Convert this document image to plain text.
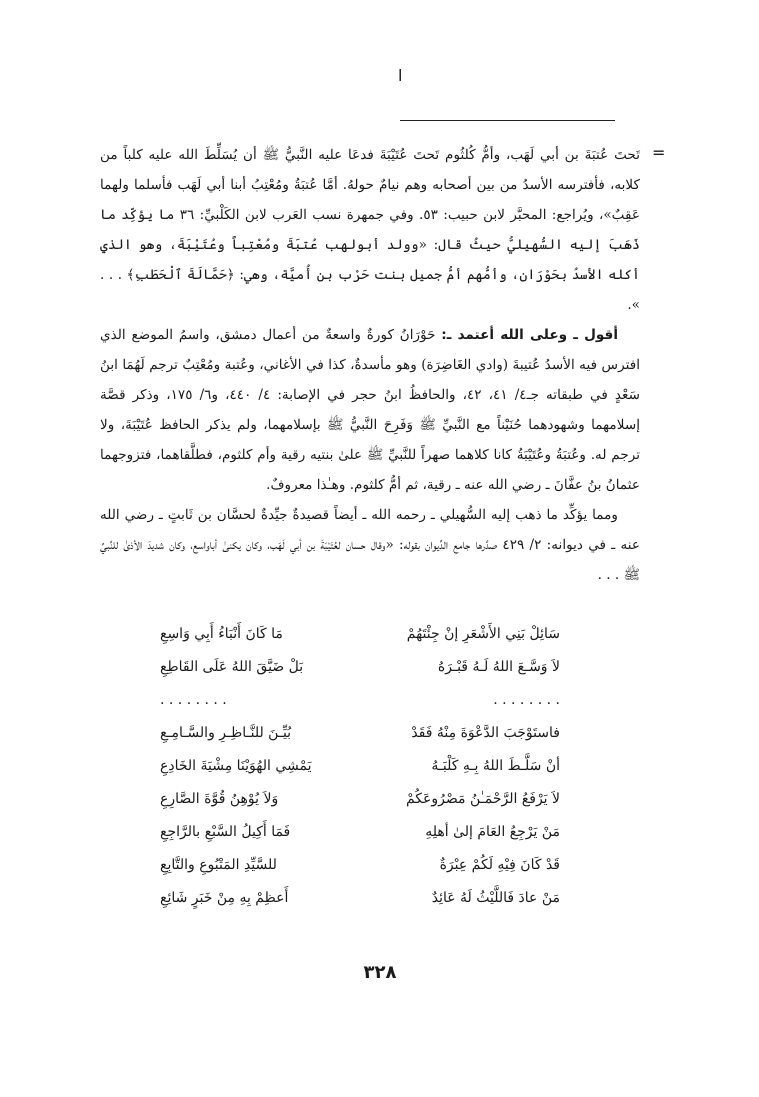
ا
=

تَحتَ عُتبَةَ بن أبي لَهَب، وأمُّ كُلثُوم تَحتَ عُتَيْبَةَ فدعَا عليه النَّبيُّ ﷺ أن يُسَلِّطَ الله عليه كلباً من كلابه، فأفترسه الأسدُ من بين أصحابه وهم نيامٌ حولهُ. أمَّا عُتبَةُ ومُعْتِبُ أبنا أبي لَهَب فأسلما ولهما عَقِبٌ»، ويُراجع: المحبَّر لابن حبيب: ٥٣. وفي جمهرة نسب العَرب لابن الكَلْبيِّ: ٣٦ ما يؤكِّد ما ذَهَبَ إليه السُّهيليُّ حيثُ قال: «وولد أبولهب عُتبَةَ ومُعْتِباً وعُتَيْبَةَ، وهو الذي أكله الأسدُ بحَوْرَان، وأمُّهم أمُّ جميل بنت حَرْب بن أُميَّة، وهي: ﴿حَمَّالَةَ ٱلْحَطَبِ﴾ . . . ».

أقول ـ وعلى الله أعتمد ـ: حَوْرَانُ كورةٌ واسعةٌ من أعمال دمشق، واسمُ الموضع الذي افترس فيه الأسدُ عُتيبةَ (وادي الغَاضِرَة) وهو مأسدةٌ، كذا في الأغاني، وعُتبة ومُعْتِبٌ ترجم لَهُمَا ابنُ سَعْدٍ في طبقاته جـ٤/ ٤١، ٤٢، والحافظُ ابنُ حجر في الإصابة: ٤/ ٤٤٠، و٦/ ١٧٥، وذكر قصَّة إسلامهما وشهودهما حُنَيْناً مع النَّبيِّ ﷺ وَفَرِحَ النَّبيُّ ﷺ بإسلامهما، ولم يذكر الحافظ عُتَيْبَةَ، ولا ترجم له. وعُتبَةُ وعُتَيْبَةُ كانا كلاهما صهراً للنَّبيِّ ﷺ علىٰ بنتيه رقية وأم كلثوم، فطلَّقاهما، فتزوجهما عثمانُ بنُ عفَّانَ ـ رضي الله عنه ـ رقية، ثم أمُّ كلثوم. وهـٰذا معروفٌ.

ومما يؤكِّد ما ذهب إليه السُّهيلي ـ رحمه الله ـ أيضاً قصيدةٌ جيِّدةٌ لحسَّان بن ثَابتٍ ـ رضي الله عنه ـ في ديوانه: ٢/ ٤٢٩ صدَّرها جامع الدِّيوان بقوله: «وقال حسان لعُتَيْبَةَ بن أبي لَهَب، وكان يكنىٰ أباواسع، وكان شديدَ الأذىٰ للنَّبيِّ ﷺ . . .

سَائِلْ بَنِي الأَشْعَرِ إنْ جِئْتَهُمْ
مَا كَانَ أَنْبَاءُ أَبِي وَاسِعِ
لاَ وَسَّـعَ اللهُ لَـهُ قَبْـرَهُ
بَلْ ضَيَّقَ اللهُ عَلَى القَاطِعِ
. . . . . . . .
. . . . . . . .
فاستَوْجَبَ الدَّعْوَةَ مِنْهُ فَقَدْ
بُيِّـنَ للنَّـاظِـرِ والسَّـامِـعِ
أنْ سَلَّـطَ اللهُ بِـهِ كَلْبَـهُ
يَمْشِي الهُوَيْنَا مِشْيَةَ الخَادِعِ
لاَ يَرْفَعُ الرَّحْمَـٰنُ مَصْرُوعَكُمْ
وَلاَ يُوْهِنُ قُوَّةَ الصَّارِعِ
مَنْ يَرْجِعُ العَامَ إلىٰ أهلِهِ
فَمَا أَكِيلُ السَّبْعِ بالرَّاجِعِ
قَدْ كَانَ فِيْهِ لَكُمْ عِبْرَةٌ
للسَّيِّدِ المَتْبُوعِ والتَّابِعِ
مَنْ عادَ فَاللَّيْثُ لَهُ عَائِدٌ
أَعظِمْ بِهِ مِنْ خَبَرٍ شَائِعِ
٣٢٨
